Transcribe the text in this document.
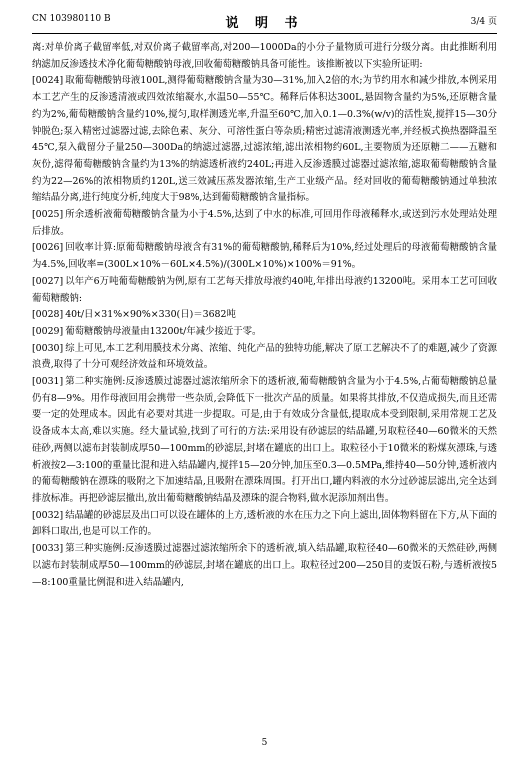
CN 103980110 B	说 明 书	3/4 页

离:对单价离子截留率低,对双价离子截留率高,对200—1000Da的小分子量物质可进行分级分离。由此推断利用纳滤加反渗透技术净化葡萄糖酸钠母液,回收葡萄糖酸钠具备可能性。该推断被以下实验所证明:

[0024] 取葡萄糖酸钠母液100L,测得葡萄糖酸钠含量为30—31%,加入2倍的水;为节约用水和减少排放,本例采用本工艺产生的反渗透清液或四效浓缩凝水,水温50—55℃。稀释后体积达300L,悬固物含量约为5%,还原糖含量约为2%,葡萄糖酸钠含量约10%,搅匀,取样测透光率,升温至60℃,加入0.1—0.3%(w/v)的活性炭,搅拌15—30分钟脱色;泵入精密过滤器过滤,去除色素、灰分、可溶性蛋白等杂质;精密过滤清液测透光率,并经板式换热器降温至45℃,泵入截留分子量250—300Da的纳滤过滤器,过滤浓缩,滤出浓相物约60L,主要物质为还原糖二——五糖和灰份,滤得葡萄糖酸钠含量约为13%的纳滤透析液约240L;再进入反渗透膜过滤器过滤浓缩,滤取葡萄糖酸钠含量约为22—26%的浓相物质约120L,送三效减压蒸发器浓缩,生产工业级产品。经对回收的葡萄糖酸钠通过单独浓缩结晶分离,进行纯度分析,纯度大于98%,达到葡萄糖酸钠含量指标。

[0025] 所余透析液葡萄糖酸钠含量为小于4.5%,达到了中水的标准,可回用作母液稀释水,或送到污水处理站处理后排放。

[0026] 回收率计算:原葡萄糖酸钠母液含有31%的葡萄糖酸钠,稀释后为10%,经过处理后的母液葡萄糖酸钠含量为4.5%,回收率=(300L×10%－60L×4.5%)/(300L×10%)×100%＝91%。

[0027] 以年产6万吨葡萄糖酸钠为例,原有工艺每天排放母液约40吨,年排出母液约13200吨。采用本工艺可回收葡萄糖酸钠:

[0028] 40t/日×31%×90%×330(日)＝3682吨

[0029] 葡萄糖酸钠母液量由13200t/年减少接近于零。

[0030] 综上可见,本工艺利用膜技术分离、浓缩、纯化产品的独特功能,解决了原工艺解决不了的难题,减少了资源浪费,取得了十分可观经济效益和环境效益。

[0031] 第二种实施例:反渗透膜过滤器过滤浓缩所余下的透析液,葡萄糖酸钠含量为小于4.5%,占葡萄糖酸钠总量仍有8—9%。用作母液回用会携带一些杂质,会降低下一批次产品的质量。如果将其排放,不仅造成损失,而且还需要一定的处理成本。因此有必要对其进一步提取。可是,由于有效成分含量低,提取成本受到限制,采用常规工艺及设备成本太高,难以实施。经大量试验,找到了可行的方法:采用设有砂滤层的结晶罐,另取粒径40—60微米的天然硅砂,两侧以滤布封装制成厚50—100mm的砂滤层,封堵在罐底的出口上。取粒径小于10微米的粉煤灰漂珠,与透析液按2—3:100的重量比混和进入结晶罐内,搅拌15—20分钟,加压至0.3—0.5MPa,维持40—50分钟,透析液内的葡萄糖酸钠在漂珠的吸附之下加速结晶,且吸附在漂珠周围。打开出口,罐内料液的水分过砂滤层滤出,完全达到排放标准。再把砂滤层撤出,放出葡萄糖酸钠结晶及漂珠的混合物料,做水泥添加剂出售。

[0032] 结晶罐的砂滤层及出口可以设在罐体的上方,透析液的水在压力之下向上滤出,固体物料留在下方,从下面的卸料口取出,也是可以工作的。

[0033] 第三种实施例:反渗透膜过滤器过滤浓缩所余下的透析液,填入结晶罐,取粒径40—60微米的天然硅砂,两侧以滤布封装制成厚50—100mm的砂滤层,封堵在罐底的出口上。取粒径过200—250目的麦饭石粉,与透析液按5—8:100重量比例混和进入结晶罐内,

5
